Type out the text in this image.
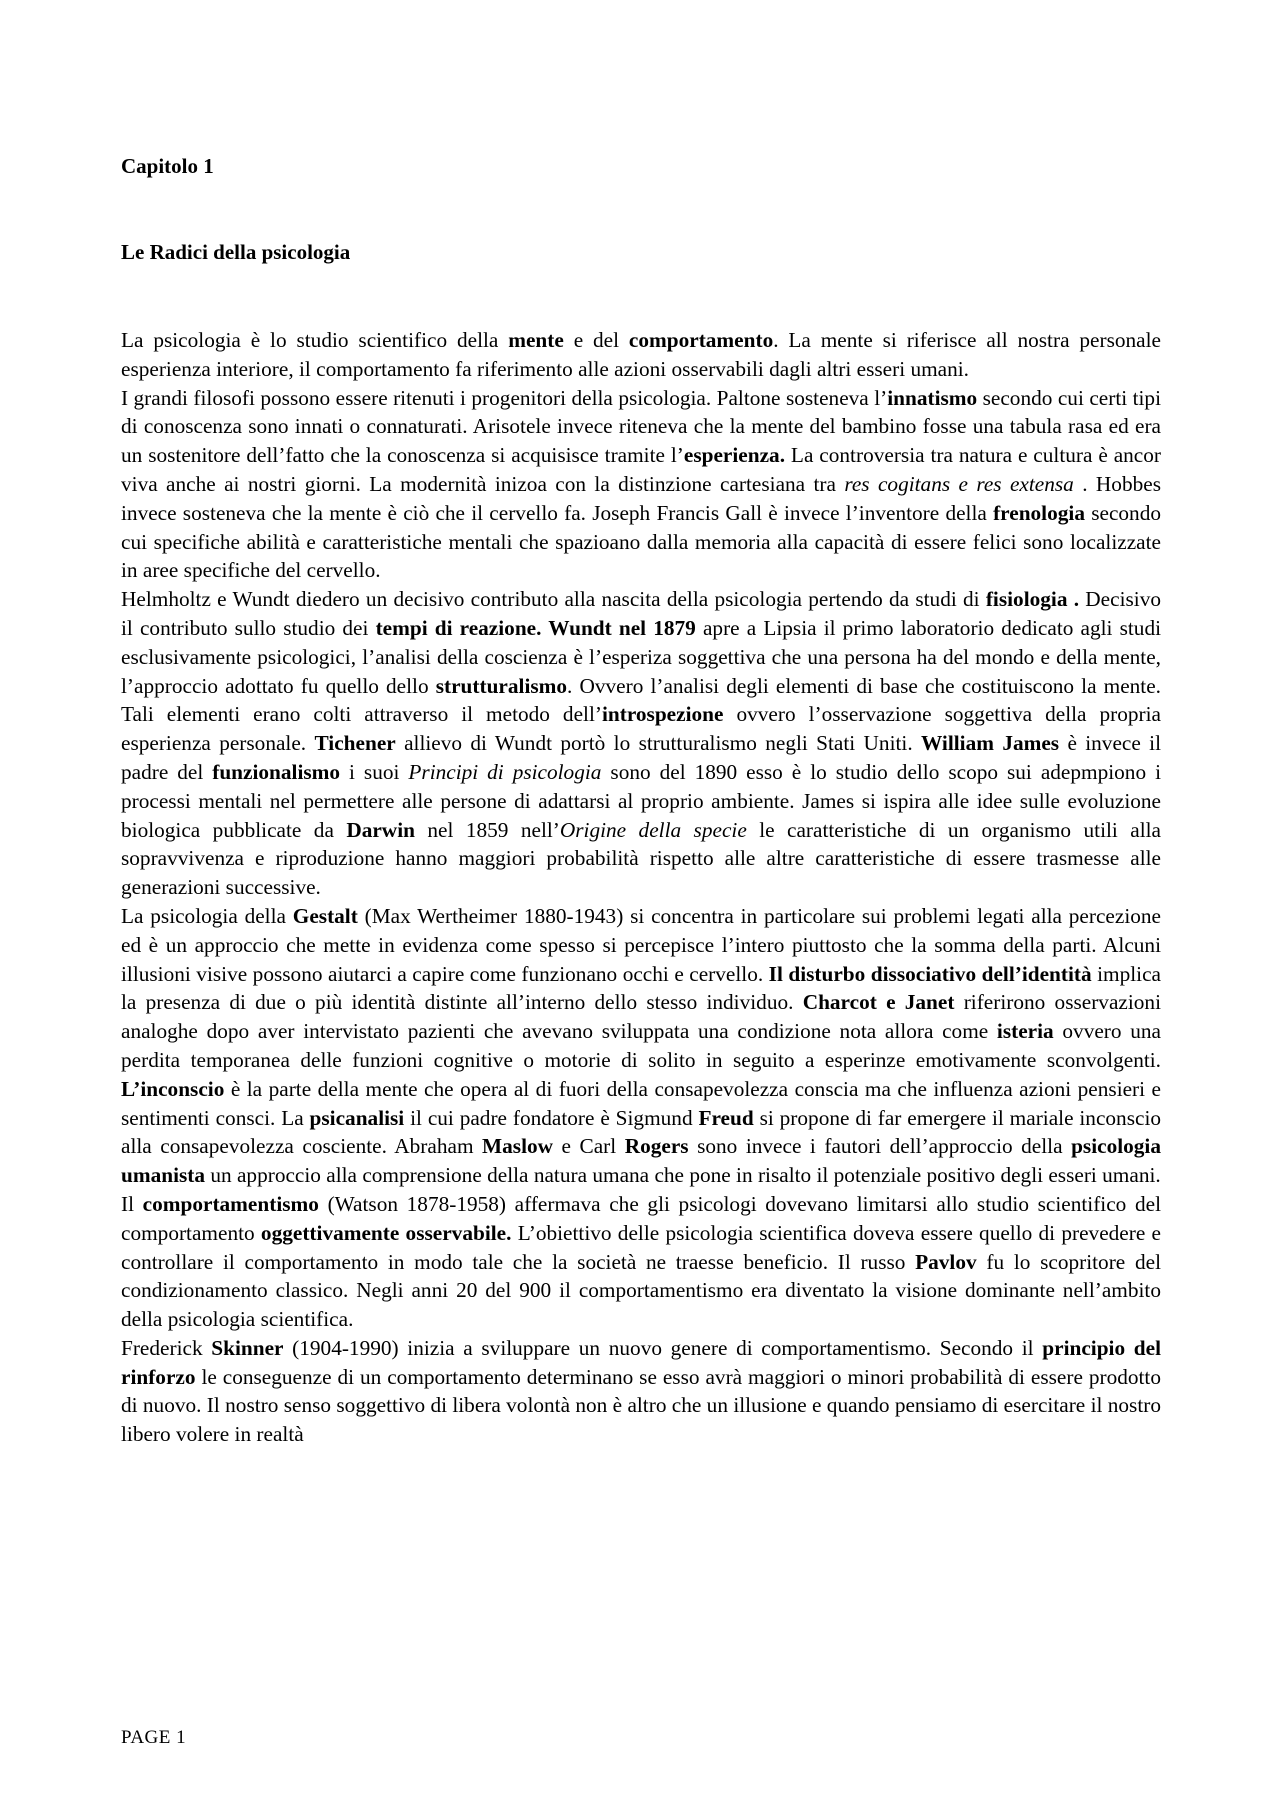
Capitolo 1
Le Radici della psicologia

La psicologia è lo studio scientifico della mente e del comportamento. La mente si riferisce all nostra personale esperienza interiore, il comportamento fa riferimento alle azioni osservabili dagli altri esseri umani.

I grandi filosofi possono essere ritenuti i progenitori della psicologia. Paltone sosteneva l’innatismo secondo cui certi tipi di conoscenza sono innati o connaturati. Arisotele invece riteneva che la mente del bambino fosse una tabula rasa ed era un sostenitore dell’fatto che la conoscenza si acquisisce tramite l’esperienza. La controversia tra natura e cultura è ancor viva anche ai nostri giorni. La modernità inizoa con la distinzione cartesiana tra res cogitans e res extensa . Hobbes invece sosteneva che la mente è ciò che il cervello fa. Joseph Francis Gall è invece l’inventore della frenologia secondo cui specifiche abilità e caratteristiche mentali che spazioano dalla memoria alla capacità di essere felici sono localizzate in aree specifiche del cervello.

Helmholtz e Wundt diedero un decisivo contributo alla nascita della psicologia pertendo da studi di fisiologia . Decisivo il contributo sullo studio dei tempi di reazione. Wundt nel 1879 apre a Lipsia il primo laboratorio dedicato agli studi esclusivamente psicologici, l’analisi della coscienza è l’esperiza soggettiva che una persona ha del mondo e della mente, l’approccio adottato fu quello dello strutturalismo. Ovvero l’analisi degli elementi di base che costituiscono la mente. Tali elementi erano colti attraverso il metodo dell’introspezione ovvero l’osservazione soggettiva della propria esperienza personale. Tichener allievo di Wundt portò lo strutturalismo negli Stati Uniti. William James è invece il padre del funzionalismo i suoi Principi di psicologia sono del 1890 esso è lo studio dello scopo sui adepmpiono i processi mentali nel permettere alle persone di adattarsi al proprio ambiente. James si ispira alle idee sulle evoluzione biologica pubblicate da Darwin nel 1859 nell’Origine della specie le caratteristiche di un organismo utili alla sopravvivenza e riproduzione hanno maggiori probabilità rispetto alle altre caratteristiche di essere trasmesse alle generazioni successive.

La psicologia della Gestalt (Max Wertheimer 1880-1943) si concentra in particolare sui problemi legati alla percezione ed è un approccio che mette in evidenza come spesso si percepisce l’intero piuttosto che la somma della parti. Alcuni illusioni visive possono aiutarci a capire come funzionano occhi e cervello. Il disturbo dissociativo dell’identità implica la presenza di due o più identità distinte all’interno dello stesso individuo. Charcot e Janet riferirono osservazioni analoghe dopo aver intervistato pazienti che avevano sviluppata una condizione nota allora come isteria ovvero una perdita temporanea delle funzioni cognitive o motorie di solito in seguito a esperinze emotivamente sconvolgenti. L’inconscio è la parte della mente che opera al di fuori della consapevolezza conscia ma che influenza azioni pensieri e sentimenti consci. La psicanalisi il cui padre fondatore è Sigmund Freud si propone di far emergere il mariale inconscio alla consapevolezza cosciente. Abraham Maslow e Carl Rogers sono invece i fautori dell’approccio della psicologia umanista un approccio alla comprensione della natura umana che pone in risalto il potenziale positivo degli esseri umani.

Il comportamentismo (Watson 1878-1958) affermava che gli psicologi dovevano limitarsi allo studio scientifico del comportamento oggettivamente osservabile. L’obiettivo delle psicologia scientifica doveva essere quello di prevedere e controllare il comportamento in modo tale che la società ne traesse beneficio. Il russo Pavlov fu lo scopritore del condizionamento classico. Negli anni 20 del 900 il comportamentismo era diventato la visione dominante nell’ambito della psicologia scientifica.

Frederick Skinner (1904-1990) inizia a sviluppare un nuovo genere di comportamentismo. Secondo il principio del rinforzo le conseguenze di un comportamento determinano se esso avrà maggiori o minori probabilità di essere prodotto di nuovo. Il nostro senso soggettivo di libera volontà non è altro che un illusione e quando pensiamo di esercitare il nostro libero volere in realtà

PAGE 1
